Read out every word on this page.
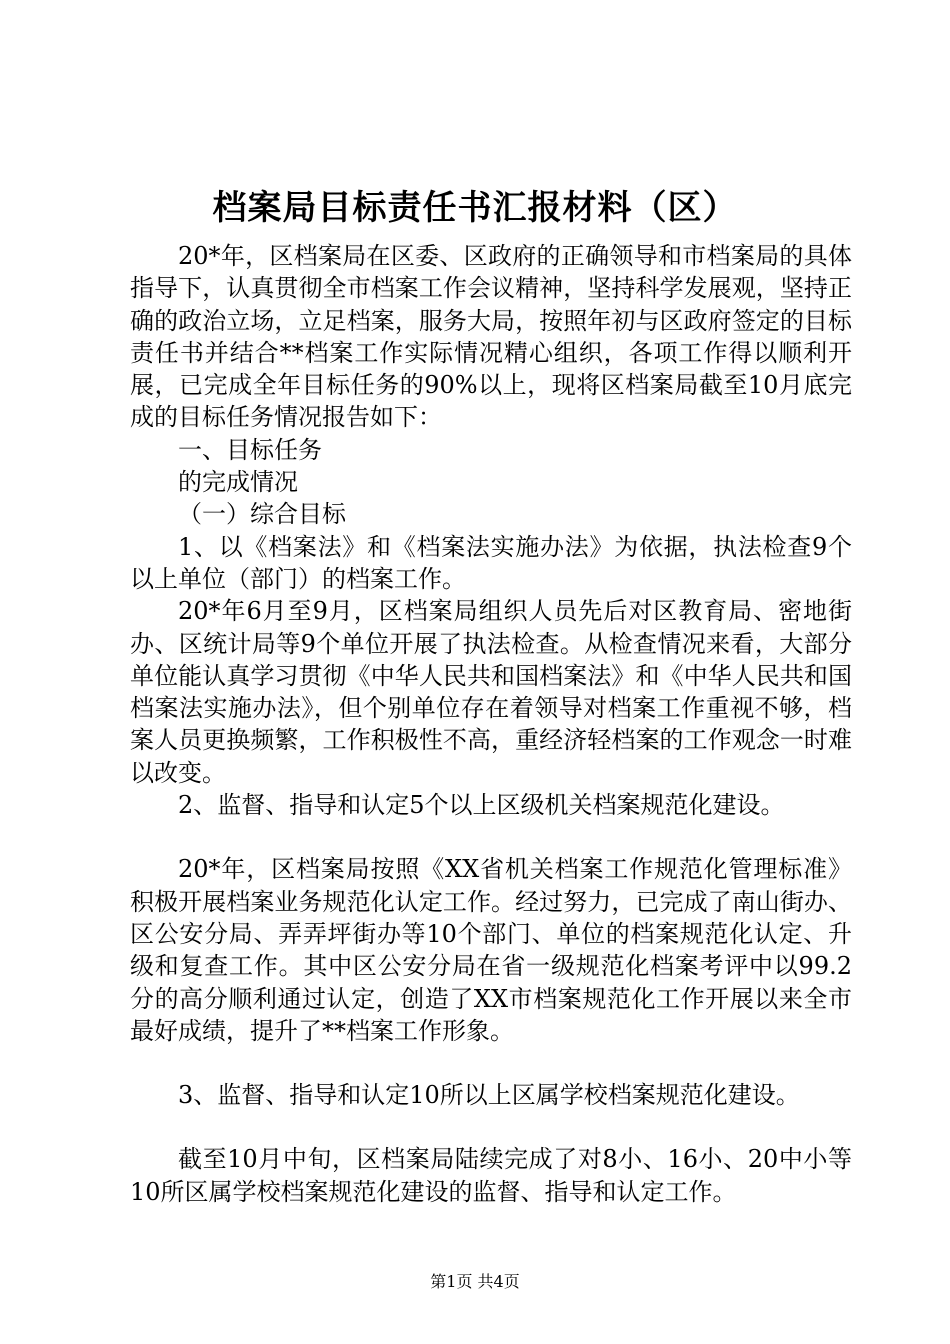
档案局目标责任书汇报材料（区）

20*年，区档案局在区委、区政府的正确领导和市档案局的具体指导下，认真贯彻全市档案工作会议精神，坚持科学发展观，坚持正确的政治立场，立足档案，服务大局，按照年初与区政府签定的目标责任书并结合**档案工作实际情况精心组织，各项工作得以顺利开展，已完成全年目标任务的90%以上，现将区档案局截至10月底完成的目标任务情况报告如下：

一、目标任务

的完成情况

（一）综合目标

1、以《档案法》和《档案法实施办法》为依据，执法检查9个以上单位（部门）的档案工作。

20*年6月至9月，区档案局组织人员先后对区教育局、密地街办、区统计局等9个单位开展了执法检查。从检查情况来看，大部分单位能认真学习贯彻《中华人民共和国档案法》和《中华人民共和国档案法实施办法》，但个别单位存在着领导对档案工作重视不够，档案人员更换频繁，工作积极性不高，重经济轻档案的工作观念一时难以改变。

2、监督、指导和认定5个以上区级机关档案规范化建设。

20*年，区档案局按照《XX省机关档案工作规范化管理标准》积极开展档案业务规范化认定工作。经过努力，已完成了南山街办、区公安分局、弄弄坪街办等10个部门、单位的档案规范化认定、升级和复查工作。其中区公安分局在省一级规范化档案考评中以99.2分的高分顺利通过认定，创造了XX市档案规范化工作开展以来全市最好成绩，提升了**档案工作形象。

3、监督、指导和认定10所以上区属学校档案规范化建设。

截至10月中旬，区档案局陆续完成了对8小、16小、20中小等10所区属学校档案规范化建设的监督、指导和认定工作。

第1页 共4页
